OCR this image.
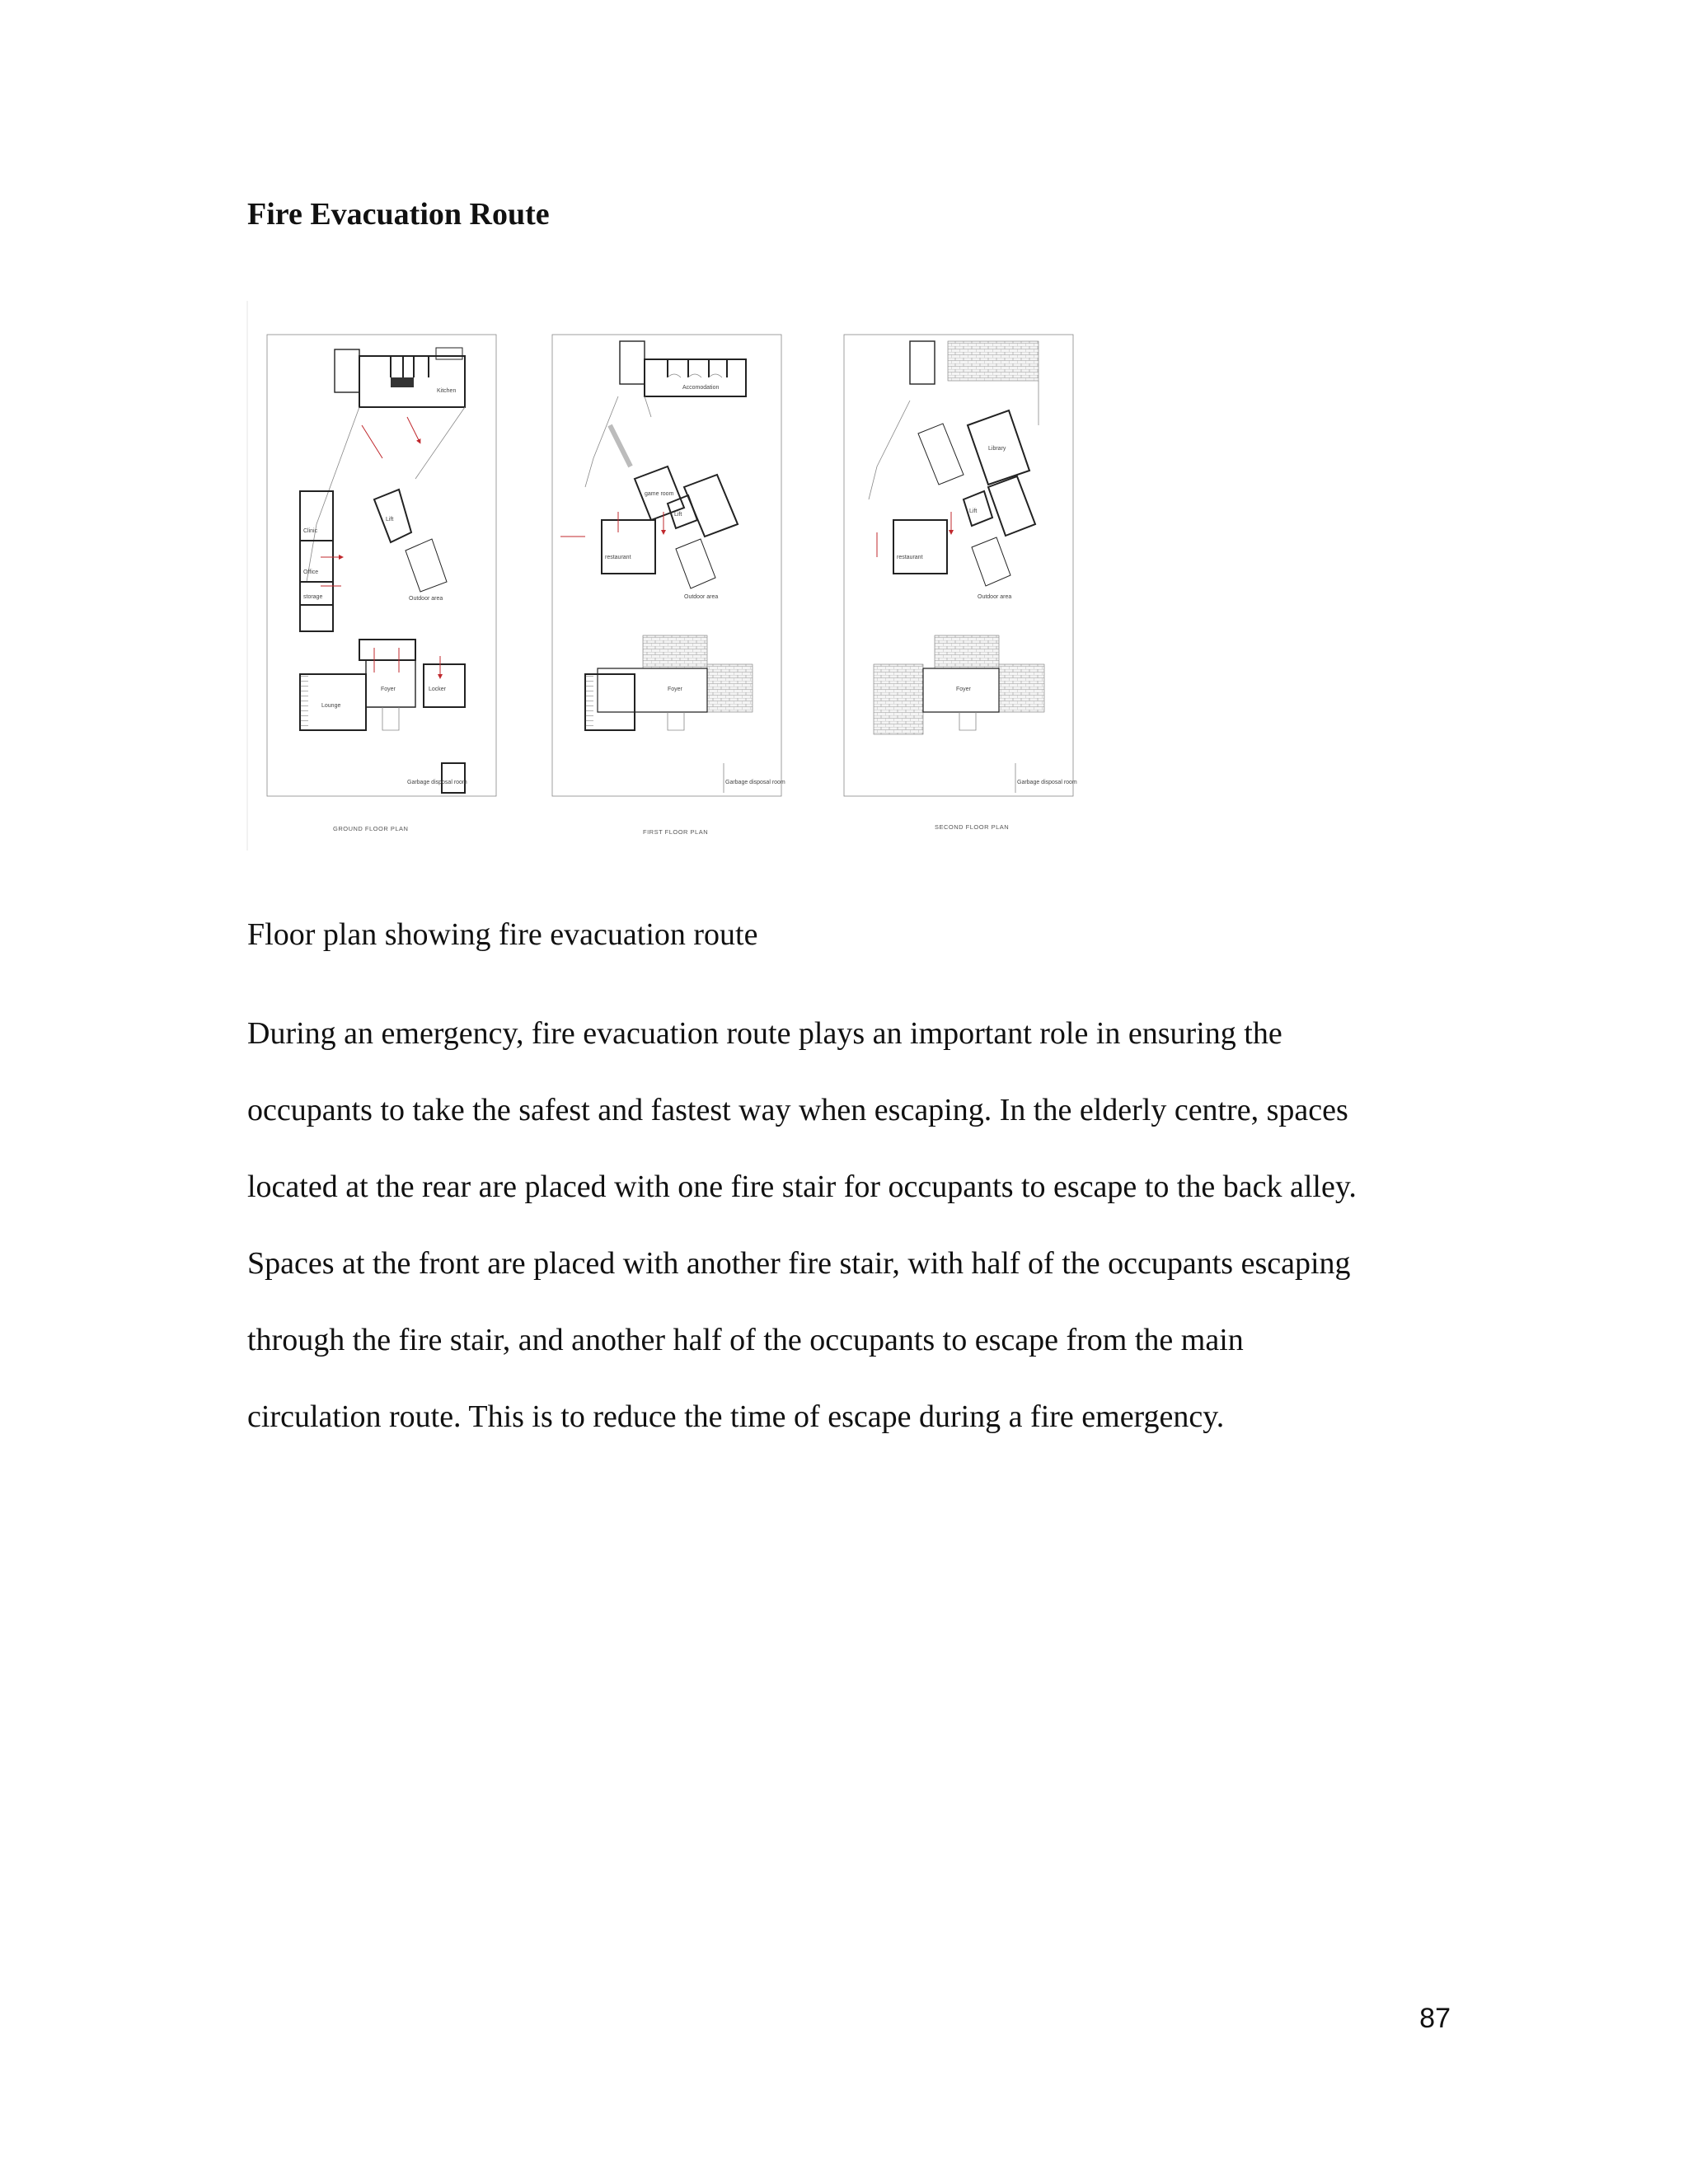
Fire Evacuation Route
Kitchen
Lift
Outdoor area
Clinic
Office
storage
Lounge
Foyer	Locker
Garbage disposal room
GROUND FLOOR PLAN
Accomodation
game room
Lift
restaurant
Outdoor area
Foyer
Garbage disposal room
FIRST FLOOR PLAN
Library
Lift
restaurant
Outdoor area
Foyer
Garbage disposal room
SECOND FLOOR PLAN

Floor plan showing fire evacuation route

During an emergency, fire evacuation route plays an important role in ensuring the
occupants to take the safest and fastest way when escaping. In the elderly centre, spaces
located at the rear are placed with one fire stair for occupants to escape to the back alley.
Spaces at the front are placed with another fire stair, with half of the occupants escaping
through the fire stair, and another half of the occupants to escape from the main
circulation route. This is to reduce the time of escape during a fire emergency.

87
